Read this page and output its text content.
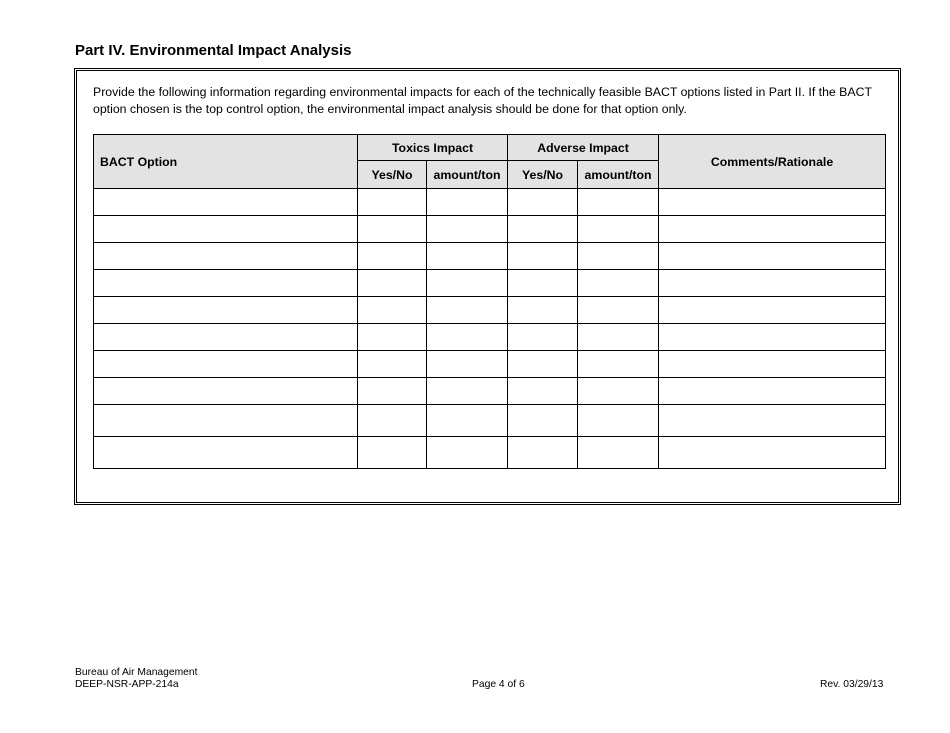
Part IV. Environmental Impact Analysis

Provide the following information regarding environmental impacts for each of the technically feasible BACT options listed in Part II. If the BACT option chosen is the top control option, the environmental impact analysis should be done for that option only.

BACT Option	Toxics Impact		Adverse Impact		Comments/Rationale
	Yes/No	amount/ton	Yes/No	amount/ton	

Bureau of Air Management
DEEP-NSR-APP-214a	Page 4 of 6	Rev. 03/29/13
